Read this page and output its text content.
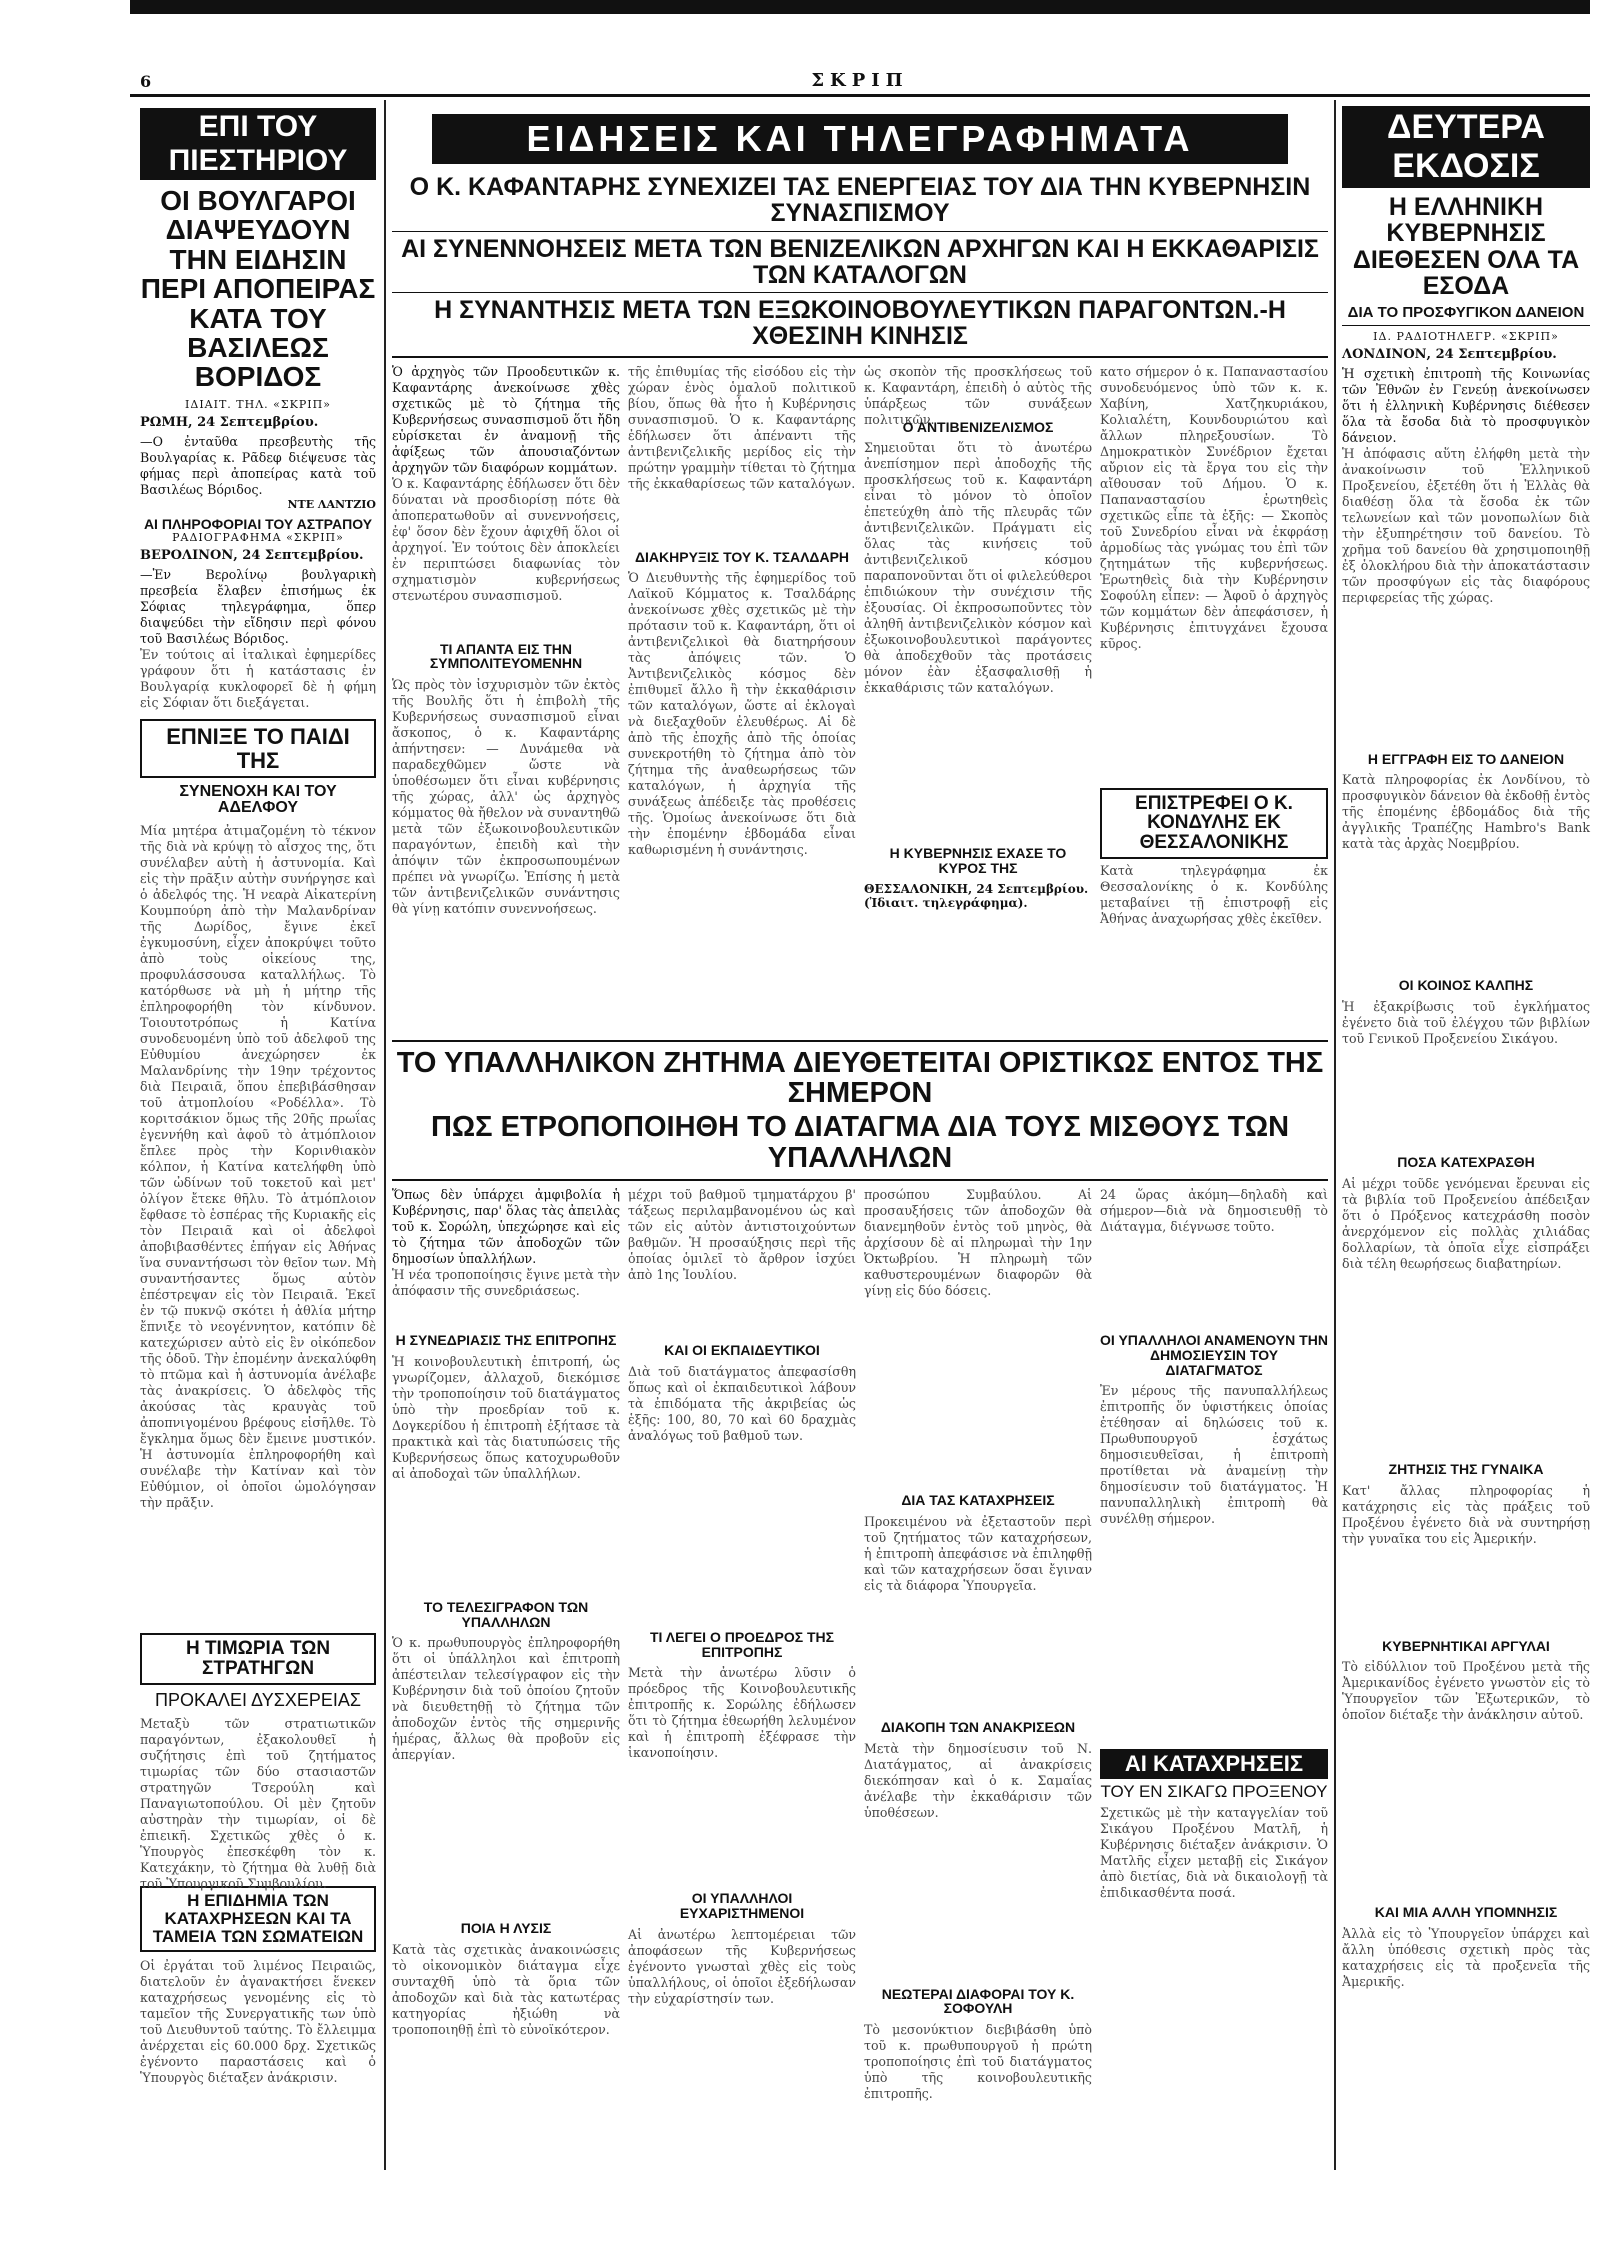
6	ΣΚΡΙΠ
ΕΠΙ ΤΟΥ ΠΙΕΣΤΗΡΙΟΥ
ΟΙ ΒΟΥΛΓΑΡΟΙ ΔΙΑΨΕΥΔΟΥΝ ΤΗΝ ΕΙΔΗΣΙΝ ΠΕΡΙ ΑΠΟΠΕΙΡΑΣ ΚΑΤΑ ΤΟΥ ΒΑΣΙΛΕΩΣ ΒΟΡΙΔΟΣ
ΙΔΙΑΙΤ. ΤΗΛ. «ΣΚΡΙΠ»
ΡΩΜΗ, 24 Σεπτεμβρίου.

—Ο ἐνταῦθα πρεσβευτὴς τῆς Βουλγαρίας κ. Ρᾶδεφ διέψευσε τὰς φήμας περὶ ἀποπείρας κατὰ τοῦ Βασιλέως Βόριδος.

ΝΤΕ ΛΑΝΤΖΙΟ
ΑΙ ΠΛΗΡΟΦΟΡΙΑΙ ΤΟΥ ΑΣΤΡΑΠΟΥ
ΡΑΔΙΟΓΡΑΦΗΜΑ «ΣΚΡΙΠ»
ΒΕΡΟΛΙΝΟΝ, 24 Σεπτεμβρίου.

—Ἐν Βερολίνῳ βουλγαρικὴ πρεσβεία ἔλαβεν ἐπισήμως ἐκ Σόφιας τηλεγράφημα, ὅπερ διαψεύδει τὴν εἴδησιν περὶ φόνου τοῦ Βασιλέως Βόριδος.

Ἐν τούτοις αἱ ἰταλικαὶ ἐφημερίδες γράφουν ὅτι ἡ κατάστασις ἐν Βουλγαρίᾳ κυκλοφορεῖ δὲ ἡ φήμη εἰς Σόφιαν ὅτι διεξάγεται.
ΕΠΝΙΞΕ ΤΟ ΠΑΙΔΙ ΤΗΣ
ΣΥΝΕΝΟΧΗ ΚΑΙ ΤΟΥ ΑΔΕΛΦΟΥ
Μία μητέρα ἀτιμαζομένη τὸ τέκνον τῆς διὰ νὰ κρύψῃ τὸ αἶσχος της, ὅτι συνέλαβεν αὐτὴ ἡ ἀστυνομία. Καὶ εἰς τὴν πρᾶξιν αὐτὴν συνήργησε καὶ ὁ ἀδελφός της. Ἡ νεαρὰ Αἰκατερίνη Κουμπούρη ἀπὸ τὴν Μαλανδρίναν τῆς Δωρίδος, ἔγινε ἐκεῖ ἐγκυμοσύνη, εἶχεν ἀποκρύψει τοῦτο ἀπὸ τοὺς οἰκείους της, προφυλάσσουσα καταλλήλως. Τὸ κατόρθωσε νὰ μὴ ἡ μήτηρ τῆς ἐπληροφορήθη τὸν κίνδυνον. Τοιουτοτρόπως ἡ Κατίνα συνοδευομένη ὑπὸ τοῦ ἀδελφοῦ της Εὐθυμίου ἀνεχώρησεν ἐκ Μαλανδρίνης τὴν 19ην τρέχοντος διὰ Πειραιᾶ, ὅπου ἐπεβιβάσθησαν τοῦ ἀτμοπλοίου «Ροδέλλα». Τὸ κοριτσάκιον ὅμως τῆς 20ῆς πρωΐας ἐγεννήθη καὶ ἀφοῦ τὸ ἀτμόπλοιον ἔπλεε πρὸς τὴν Κορινθιακὸν κόλπον, ἡ Κατίνα κατελήφθη ὑπὸ τῶν ὠδίνων τοῦ τοκετοῦ καὶ μετ' ὀλίγον ἔτεκε θῆλυ. Τὸ ἀτμόπλοιον ἔφθασε τὸ ἑσπέρας τῆς Κυριακῆς εἰς τὸν Πειραιᾶ καὶ οἱ ἀδελφοὶ ἀποβιβασθέντες ἐπήγαν εἰς Ἀθήνας ἵνα συναντήσωσι τὸν θεῖον των. Μὴ συναντήσαντες ὅμως αὐτὸν ἐπέστρεψαν εἰς τὸν Πειραιᾶ. Ἐκεῖ ἐν τῷ πυκνῷ σκότει ἡ ἀθλία μήτηρ ἔπνιξε τὸ νεογέννητον, κατόπιν δὲ κατεχώρισεν αὐτὸ εἰς ἓν οἰκόπεδον τῆς ὁδοῦ. Τὴν ἐπομένην ἀνεκαλύφθη τὸ πτῶμα καὶ ἡ ἀστυνομία ἀνέλαβε τὰς ἀνακρίσεις. Ὁ ἀδελφὸς τῆς ἀκούσας τὰς κραυγὰς τοῦ ἀποπνιγομένου βρέφους εἰσῆλθε. Τὸ ἔγκλημα ὅμως δὲν ἔμεινε μυστικόν. Ἡ ἀστυνομία ἐπληροφορήθη καὶ συνέλαβε τὴν Κατίναν καὶ τὸν Εὐθύμιον, οἱ ὁποῖοι ὡμολόγησαν τὴν πρᾶξιν.
Η ΤΙΜΩΡΙΑ ΤΩΝ ΣΤΡΑΤΗΓΩΝ
ΠΡΟΚΑΛΕΙ ΔΥΣΧΕΡΕΙΑΣ
Μεταξὺ τῶν στρατιωτικῶν παραγόντων, ἐξακολουθεῖ ἡ συζήτησις ἐπὶ τοῦ ζητήματος τιμωρίας τῶν δύο στασιαστῶν στρατηγῶν Τσερούλη καὶ Παναγιωτοπούλου. Οἱ μὲν ζητοῦν αὐστηρὰν τὴν τιμωρίαν, οἱ δὲ ἐπιεικῆ. Σχετικῶς χθὲς ὁ κ. Ὑπουργὸς ἐπεσκέφθη τὸν κ. Κατεχάκην, τὸ ζήτημα θὰ λυθῇ διὰ τοῦ Ὑπουργικοῦ Συμβουλίου.
Η ΕΠΙΔΗΜΙΑ ΤΩΝ ΚΑΤΑΧΡΗΣΕΩΝ ΚΑΙ ΤΑ ΤΑΜΕΙΑ ΤΩΝ ΣΩΜΑΤΕΙΩΝ
Οἱ ἐργάται τοῦ λιμένος Πειραιῶς, διατελοῦν ἐν ἀγανακτήσει ἕνεκεν καταχρήσεως γενομένης εἰς τὸ ταμεῖον τῆς Συνεργατικῆς των ὑπὸ τοῦ Διευθυντοῦ ταύτης. Τὸ ἔλλειμμα ἀνέρχεται εἰς 60.000 δρχ. Σχετικῶς ἐγένοντο παραστάσεις καὶ ὁ Ὑπουργὸς διέταξεν ἀνάκρισιν.
ΕΙΔΗΣΕΙΣ ΚΑΙ ΤΗΛΕΓΡΑΦΗΜΑΤΑ
Ο Κ. ΚΑΦΑΝΤΑΡΗΣ ΣΥΝΕΧΙΖΕΙ ΤΑΣ ΕΝΕΡΓΕΙΑΣ ΤΟΥ ΔΙΑ ΤΗΝ ΚΥΒΕΡΝΗΣΙΝ ΣΥΝΑΣΠΙΣΜΟΥ
ΑΙ ΣΥΝΕΝΝΟΗΣΕΙΣ ΜΕΤΑ ΤΩΝ ΒΕΝΙΖΕΛΙΚΩΝ ΑΡΧΗΓΩΝ ΚΑΙ Η ΕΚΚΑΘΑΡΙΣΙΣ ΤΩΝ ΚΑΤΑΛΟΓΩΝ
Η ΣΥΝΑΝΤΗΣΙΣ ΜΕΤΑ ΤΩΝ ΕΞΩΚΟΙΝΟΒΟΥΛΕΥΤΙΚΩΝ ΠΑΡΑΓΟΝΤΩΝ.-Η ΧΘΕΣΙΝΗ ΚΙΝΗΣΙΣ

Ὁ ἀρχηγὸς τῶν Προοδευτικῶν κ. Καφαντάρης ἀνεκοίνωσε χθὲς σχετικῶς μὲ τὸ ζήτημα τῆς Κυβερνήσεως συνασπισμοῦ ὅτι ἤδη εὑρίσκεται ἐν ἀναμονῇ τῆς ἀφίξεως τῶν ἀπουσιαζόντων ἀρχηγῶν τῶν διαφόρων κομμάτων.

Ὁ κ. Καφαντάρης ἐδήλωσεν ὅτι δὲν δύναται νὰ προσδιορίσῃ πότε θὰ ἀποπερατωθοῦν αἱ συνεννοήσεις, ἐφ' ὅσον δὲν ἔχουν ἀφιχθῆ ὅλοι οἱ ἀρχηγοί. Ἐν τούτοις δὲν ἀποκλείει ἐν περιπτώσει διαφωνίας τὸν σχηματισμὸν κυβερνήσεως στενωτέρου συνασπισμοῦ.
ΤΙ ΑΠΑΝΤΑ ΕΙΣ ΤΗΝ ΣΥΜΠΟΛΙΤΕΥΟΜΕΝΗΝ
Ὡς πρὸς τὸν ἰσχυρισμὸν τῶν ἐκτὸς τῆς Βουλῆς ὅτι ἡ ἐπιβολὴ τῆς Κυβερνήσεως συνασπισμοῦ εἶναι ἄσκοπος, ὁ κ. Καφαντάρης ἀπήντησεν: — Δυνάμεθα νὰ παραδεχθῶμεν ὥστε νὰ ὑποθέσωμεν ὅτι εἶναι κυβέρνησις τῆς χώρας, ἀλλ' ὡς ἀρχηγὸς κόμματος θὰ ἤθελον νὰ συναντηθῶ μετὰ τῶν ἐξωκοινοβουλευτικῶν παραγόντων, ἐπειδὴ καὶ τὴν ἀπόψιν τῶν ἐκπροσωπουμένων πρέπει νὰ γνωρίζω. Ἐπίσης ἡ μετὰ τῶν ἀντιβενιζελικῶν συνάντησις θὰ γίνῃ κατόπιν συνεννοήσεως.
τῆς ἐπιθυμίας τῆς εἰσόδου εἰς τὴν χώραν ἑνὸς ὁμαλοῦ πολιτικοῦ βίου, ὅπως θὰ ἦτο ἡ Κυβέρνησις συνασπισμοῦ. Ὁ κ. Καφαντάρης ἐδήλωσεν ὅτι ἀπέναντι τῆς ἀντιβενιζελικῆς μερίδος εἰς τὴν πρώτην γραμμὴν τίθεται τὸ ζήτημα τῆς ἐκκαθαρίσεως τῶν καταλόγων.
ΔΙΑΚΗΡΥΞΙΣ ΤΟΥ Κ. ΤΣΑΛΔΑΡΗ
Ὁ Διευθυντὴς τῆς ἐφημερίδος τοῦ Λαϊκοῦ Κόμματος κ. Τσαλδάρης ἀνεκοίνωσε χθὲς σχετικῶς μὲ τὴν πρότασιν τοῦ κ. Καφαντάρη, ὅτι οἱ ἀντιβενιζελικοὶ θὰ διατηρήσουν τὰς ἀπόψεις τῶν. Ὁ Ἀντιβενιζελικὸς κόσμος δὲν ἐπιθυμεῖ ἄλλο ἢ τὴν ἐκκαθάρισιν τῶν καταλόγων, ὥστε αἱ ἐκλογαὶ νὰ διεξαχθοῦν ἐλευθέρως. Αἱ δὲ ἀπὸ τῆς ἐποχῆς ἀπὸ τῆς ὁποίας συνεκροτήθη τὸ ζήτημα ἀπὸ τὸν ζήτημα τῆς ἀναθεωρήσεως τῶν καταλόγων, ἡ ἀρχηγία τῆς συνάξεως ἀπέδειξε τὰς προθέσεις τῆς. Ὁμοίως ἀνεκοίνωσε ὅτι διὰ τὴν ἑπομένην ἑβδομάδα εἶναι καθωρισμένη ἡ συνάντησις.
ὡς σκοπὸν τῆς προσκλήσεως τοῦ κ. Καφαντάρη, ἐπειδὴ ὁ αὐτὸς τῆς ὑπάρξεως τῶν συνάξεων πολιτικῶν.
Ο ΑΝΤΙΒΕΝΙΖΕΛΙΣΜΟΣ
Σημειοῦται ὅτι τὸ ἀνωτέρω ἀνεπίσημον περὶ ἀποδοχῆς τῆς προσκλήσεως τοῦ κ. Καφαντάρη εἶναι τὸ μόνον τὸ ὁποῖον ἐπετεύχθη ἀπὸ τῆς πλευρᾶς τῶν ἀντιβενιζελικῶν. Πράγματι εἰς ὅλας τὰς κινήσεις τοῦ ἀντιβενιζελικοῦ κόσμου παραπονοῦνται ὅτι οἱ φιλελεύθεροι ἐπιδιώκουν τὴν συνέχισιν τῆς ἐξουσίας. Οἱ ἐκπροσωποῦντες τὸν ἀληθῆ ἀντιβενιζελικὸν κόσμον καὶ ἐξωκοινοβουλευτικοὶ παράγοντες θὰ ἀποδεχθοῦν τὰς προτάσεις μόνον ἐὰν ἐξασφαλισθῇ ἡ ἐκκαθάρισις τῶν καταλόγων.
Η ΚΥΒΕΡΝΗΣΙΣ ΕΧΑΣΕ ΤΟ ΚΥΡΟΣ ΤΗΣ
ΘΕΣΣΑΛΟΝΙΚΗ, 24 Σεπτεμβρίου. (Ἰδιαιτ. τηλεγράφημα).
κατο σήμερον ὁ κ. Παπαναστασίου συνοδευόμενος ὑπὸ τῶν κ. κ. Χαβίνη, Χατζηκυριάκου, Κολιαλέτη, Κουνδουριώτου καὶ ἄλλων πληρεξουσίων. Τὸ Δημοκρατικὸν Συνέδριον ἔχεται αὔριον εἰς τὰ ἔργα του εἰς τὴν αἴθουσαν τοῦ Δήμου. Ὁ κ. Παπαναστασίου ἐρωτηθεὶς σχετικῶς εἶπε τὰ ἑξῆς: — Σκοπὸς τοῦ Συνεδρίου εἶναι νὰ ἐκφράσῃ ἀρμοδίως τὰς γνώμας του ἐπὶ τῶν ζητημάτων τῆς κυβερνήσεως. Ἐρωτηθεὶς διὰ τὴν Κυβέρνησιν Σοφούλη εἶπεν: — Ἀφοῦ ὁ ἀρχηγὸς τῶν κομμάτων δὲν ἀπεφάσισεν, ἡ Κυβέρνησις ἐπιτυγχάνει ἔχουσα κῦρος.
ΕΠΙΣΤΡΕΦΕΙ Ο Κ. ΚΟΝΔΥΛΗΣ ΕΚ ΘΕΣΣΑΛΟΝΙΚΗΣ
Κατὰ τηλεγράφημα ἐκ Θεσσαλονίκης ὁ κ. Κονδύλης μεταβαίνει τῇ ἐπιστροφῇ εἰς Ἀθήνας ἀναχωρήσας χθὲς ἐκεῖθεν.
ΤΟ ΥΠΑΛΛΗΛΙΚΟΝ ΖΗΤΗΜΑ ΔΙΕΥΘΕΤΕΙΤΑΙ ΟΡΙΣΤΙΚΩΣ ΕΝΤΟΣ ΤΗΣ ΣΗΜΕΡΟΝ
ΠΩΣ ΕΤΡΟΠΟΠΟΙΗΘΗ ΤΟ ΔΙΑΤΑΓΜΑ ΔΙΑ ΤΟΥΣ ΜΙΣΘΟΥΣ ΤΩΝ ΥΠΑΛΛΗΛΩΝ

Ὅπως δὲν ὑπάρχει ἀμφιβολία ἡ Κυβέρνησις, παρ' ὅλας τὰς ἀπειλὰς τοῦ κ. Σορώλη, ὑπεχώρησε καὶ εἰς τὸ ζήτημα τῶν ἀποδοχῶν τῶν δημοσίων ὑπαλλήλων.

Ἡ νέα τροποποίησις ἔγινε μετὰ τὴν ἀπόφασιν τῆς συνεδριάσεως.
Η ΣΥΝΕΔΡΙΑΣΙΣ ΤΗΣ ΕΠΙΤΡΟΠΗΣ
Ἡ κοινοβουλευτικὴ ἐπιτροπή, ὡς γνωρίζομεν, ἀλλαχοῦ, διεκόμισε τὴν τροποποίησιν τοῦ διατάγματος ὑπὸ τὴν προεδρίαν τοῦ κ. Δογκερίδου ἡ ἐπιτροπὴ ἐξήτασε τὰ πρακτικὰ καὶ τὰς διατυπώσεις τῆς Κυβερνήσεως ὅπως κατοχυρωθοῦν αἱ ἀποδοχαὶ τῶν ὑπαλλήλων.
ΤΟ ΤΕΛΕΣΙΓΡΑΦΟΝ ΤΩΝ ΥΠΑΛΛΗΛΩΝ
Ὁ κ. πρωθυπουργὸς ἐπληροφορήθη ὅτι οἱ ὑπάλληλοι καὶ ἐπιτροπὴ ἀπέστειλαν τελεσίγραφον εἰς τὴν Κυβέρνησιν διὰ τοῦ ὁποίου ζητοῦν νὰ διευθετηθῇ τὸ ζήτημα τῶν ἀποδοχῶν ἐντὸς τῆς σημερινῆς ἡμέρας, ἄλλως θὰ προβοῦν εἰς ἀπεργίαν.
ΠΟΙΑ Η ΛΥΣΙΣ
Κατὰ τὰς σχετικὰς ἀνακοινώσεις τὸ οἰκονομικὸν διάταγμα εἶχε συνταχθῆ ὑπὸ τὰ ὅρια τῶν ἀποδοχῶν καὶ διὰ τὰς κατωτέρας κατηγορίας ἠξιώθη νὰ τροποποιηθῇ ἐπὶ τὸ εὐνοϊκότερον.
μέχρι τοῦ βαθμοῦ τμηματάρχου β' τάξεως περιλαμβανομένου ὡς καὶ τῶν εἰς αὐτὸν ἀντιστοιχούντων βαθμῶν. Ἡ προσαύξησις περὶ τῆς ὁποίας ὁμιλεῖ τὸ ἄρθρον ἰσχύει ἀπὸ 1ης Ἰουλίου.
ΚΑΙ ΟΙ ΕΚΠΑΙΔΕΥΤΙΚΟΙ
Διὰ τοῦ διατάγματος ἀπεφασίσθη ὅπως καὶ οἱ ἐκπαιδευτικοὶ λάβουν τὰ ἐπιδόματα τῆς ἀκριβείας ὡς ἑξῆς: 100, 80, 70 καὶ 60 δραχμὰς ἀναλόγως τοῦ βαθμοῦ των.
ΤΙ ΛΕΓΕΙ Ο ΠΡΟΕΔΡΟΣ ΤΗΣ ΕΠΙΤΡΟΠΗΣ
Μετὰ τὴν ἀνωτέρω λῦσιν ὁ πρόεδρος τῆς Κοινοβουλευτικῆς ἐπιτροπῆς κ. Σορώλης ἐδήλωσεν ὅτι τὸ ζήτημα ἐθεωρήθη λελυμένον καὶ ἡ ἐπιτροπὴ ἐξέφρασε τὴν ἱκανοποίησιν.
ΟΙ ΥΠΑΛΛΗΛΟΙ ΕΥΧΑΡΙΣΤΗΜΕΝΟΙ
Αἱ ἀνωτέρω λεπτομέρειαι τῶν ἀποφάσεων τῆς Κυβερνήσεως ἐγένοντο γνωσταὶ χθὲς εἰς τοὺς ὑπαλλήλους, οἱ ὁποῖοι ἐξεδήλωσαν τὴν εὐχαρίστησίν των.
προσώπου Συμβαύλου. Αἱ προσαυξήσεις τῶν ἀποδοχῶν θὰ διανεμηθοῦν ἐντὸς τοῦ μηνὸς, θὰ ἀρχίσουν δὲ αἱ πληρωμαὶ τὴν 1ην Ὀκτωβρίου. Ἡ πληρωμὴ τῶν καθυστερουμένων διαφορῶν θὰ γίνῃ εἰς δύο δόσεις.
ΔΙΑ ΤΑΣ ΚΑΤΑΧΡΗΣΕΙΣ
Προκειμένου νὰ ἐξεταστοῦν περὶ τοῦ ζητήματος τῶν καταχρήσεων, ἡ ἐπιτροπὴ ἀπεφάσισε νὰ ἐπιληφθῇ καὶ τῶν καταχρήσεων ὅσαι ἔγιναν εἰς τὰ διάφορα Ὑπουργεῖα.
ΔΙΑΚΟΠΗ ΤΩΝ ΑΝΑΚΡΙΣΕΩΝ
Μετὰ τὴν δημοσίευσιν τοῦ Ν. Διατάγματος, αἱ ἀνακρίσεις διεκόπησαν καὶ ὁ κ. Σαμαΐας ἀνέλαβε τὴν ἐκκαθάρισιν τῶν ὑποθέσεων.
ΝΕΩΤΕΡΑΙ ΔΙΑΦΟΡΑΙ ΤΟΥ Κ. ΣΟΦΟΥΛΗ
Τὸ μεσονύκτιον διεβιβάσθη ὑπὸ τοῦ κ. πρωθυπουργοῦ ἡ πρώτη τροποποίησις ἐπὶ τοῦ διατάγματος ὑπὸ τῆς κοινοβουλευτικῆς ἐπιτροπῆς.
24 ὥρας ἀκόμη—δηλαδὴ καὶ σήμερον—διὰ νὰ δημοσιευθῇ τὸ Διάταγμα, διέγνωσε τοῦτο.
ΟΙ ΥΠΑΛΛΗΛΟΙ ΑΝΑΜΕΝΟΥΝ ΤΗΝ ΔΗΜΟΣΙΕΥΣΙΝ ΤΟΥ ΔΙΑΤΑΓΜΑΤΟΣ
Ἐν μέρους τῆς πανυπαλλήλεως ἐπιτροπῆς ὅν ὑφιστήκεις ὁποίας ἐτέθησαν αἱ δηλώσεις τοῦ κ. Πρωθυπουργοῦ ἐσχάτως δημοσιευθεῖσαι, ἡ ἐπιτροπὴ προτίθεται νὰ ἀναμείνῃ τὴν δημοσίευσιν τοῦ διατάγματος. Ἡ πανυπαλληλικὴ ἐπιτροπὴ θὰ συνέλθῃ σήμερον.
ΑΙ ΚΑΤΑΧΡΗΣΕΙΣ
ΤΟΥ ΕΝ ΣΙΚΑΓΩ ΠΡΟΞΕΝΟΥ
Σχετικῶς μὲ τὴν καταγγελίαν τοῦ Σικάγου Προξένου Ματλῆ, ἡ Κυβέρνησις διέταξεν ἀνάκρισιν. Ὁ Ματλῆς εἶχεν μεταβῇ εἰς Σικάγον ἀπὸ διετίας, διὰ νὰ δικαιολογῇ τὰ ἐπιδικασθέντα ποσά.
ΔΕΥΤΕΡΑ ΕΚΔΟΣΙΣ
Η ΕΛΛΗΝΙΚΗ ΚΥΒΕΡΝΗΣΙΣ ΔΙΕΘΕΣΕΝ ΟΛΑ ΤΑ ΕΣΟΔΑ
ΔΙΑ ΤΟ ΠΡΟΣΦΥΓΙΚΟΝ ΔΑΝΕΙΟΝ
ΙΔ. ΡΑΔΙΟΤΗΛΕΓΡ. «ΣΚΡΙΠ»
ΛΟΝΔΙΝΟΝ, 24 Σεπτεμβρίου.

Ἡ σχετικὴ ἐπιτροπὴ τῆς Κοινωνίας τῶν Ἐθνῶν ἐν Γενεύῃ ἀνεκοίνωσεν ὅτι ἡ ἑλληνικὴ Κυβέρνησις διέθεσεν ὅλα τὰ ἔσοδα διὰ τὸ προσφυγικὸν δάνειον.

Ἡ ἀπόφασις αὕτη ἐλήφθη μετὰ τὴν ἀνακοίνωσιν τοῦ Ἐλληνικοῦ Προξενείου, ἐξετέθη ὅτι ἡ Ἑλλὰς θὰ διαθέσῃ ὅλα τὰ ἔσοδα ἐκ τῶν τελωνείων καὶ τῶν μονοπωλίων διὰ τὴν ἐξυπηρέτησιν τοῦ δανείου. Τὸ χρῆμα τοῦ δανείου θὰ χρησιμοποιηθῇ ἐξ ὁλοκλήρου διὰ τὴν ἀποκατάστασιν τῶν προσφύγων εἰς τὰς διαφόρους περιφερείας τῆς χώρας.
Η ΕΓΓΡΑΦΗ ΕΙΣ ΤΟ ΔΑΝΕΙΟΝ
Κατὰ πληροφορίας ἐκ Λονδίνου, τὸ προσφυγικὸν δάνειον θὰ ἐκδοθῇ ἐντὸς τῆς ἑπομένης ἑβδομάδος διὰ τῆς ἀγγλικῆς Τραπέζης Hambro's Bank κατὰ τὰς ἀρχὰς Νοεμβρίου.
ΟΙ ΚΟΙΝΟΣ ΚΑΛΠΗΣ
Ἡ ἐξακρίβωσις τοῦ ἐγκλήματος ἐγένετο διὰ τοῦ ἐλέγχου τῶν βιβλίων τοῦ Γενικοῦ Προξενείου Σικάγου.
ΠΟΣΑ ΚΑΤΕΧΡΑΣΘΗ
Αἱ μέχρι τοῦδε γενόμεναι ἔρευναι εἰς τὰ βιβλία τοῦ Προξενείου ἀπέδειξαν ὅτι ὁ Πρόξενος κατεχράσθη ποσὸν ἀνερχόμενον εἰς πολλὰς χιλιάδας δολλαρίων, τὰ ὁποῖα εἶχε εἰσπράξει διὰ τέλη θεωρήσεως διαβατηρίων.
ΖΗΤΗΣΙΣ ΤΗΣ ΓΥΝΑΙΚΑ
Κατ' ἄλλας πληροφορίας ἡ κατάχρησις εἰς τὰς πράξεις τοῦ Προξένου ἐγένετο διὰ νὰ συντηρήσῃ τὴν γυναῖκα του εἰς Ἀμερικήν.
ΚΥΒΕΡΝΗΤΙΚΑΙ ΑΡΓΥΛΑΙ
Τὸ εἰδύλλιον τοῦ Προξένου μετὰ τῆς Ἀμερικανίδος ἐγένετο γνωστὸν εἰς τὸ Ὑπουργεῖον τῶν Ἐξωτερικῶν, τὸ ὁποῖον διέταξε τὴν ἀνάκλησιν αὐτοῦ.
ΚΑΙ ΜΙΑ ΑΛΛΗ ΥΠΟΜΝΗΣΙΣ
Ἀλλὰ εἰς τὸ Ὑπουργεῖον ὑπάρχει καὶ ἄλλη ὑπόθεσις σχετικὴ πρὸς τὰς καταχρήσεις εἰς τὰ προξενεῖα τῆς Ἀμερικῆς.
